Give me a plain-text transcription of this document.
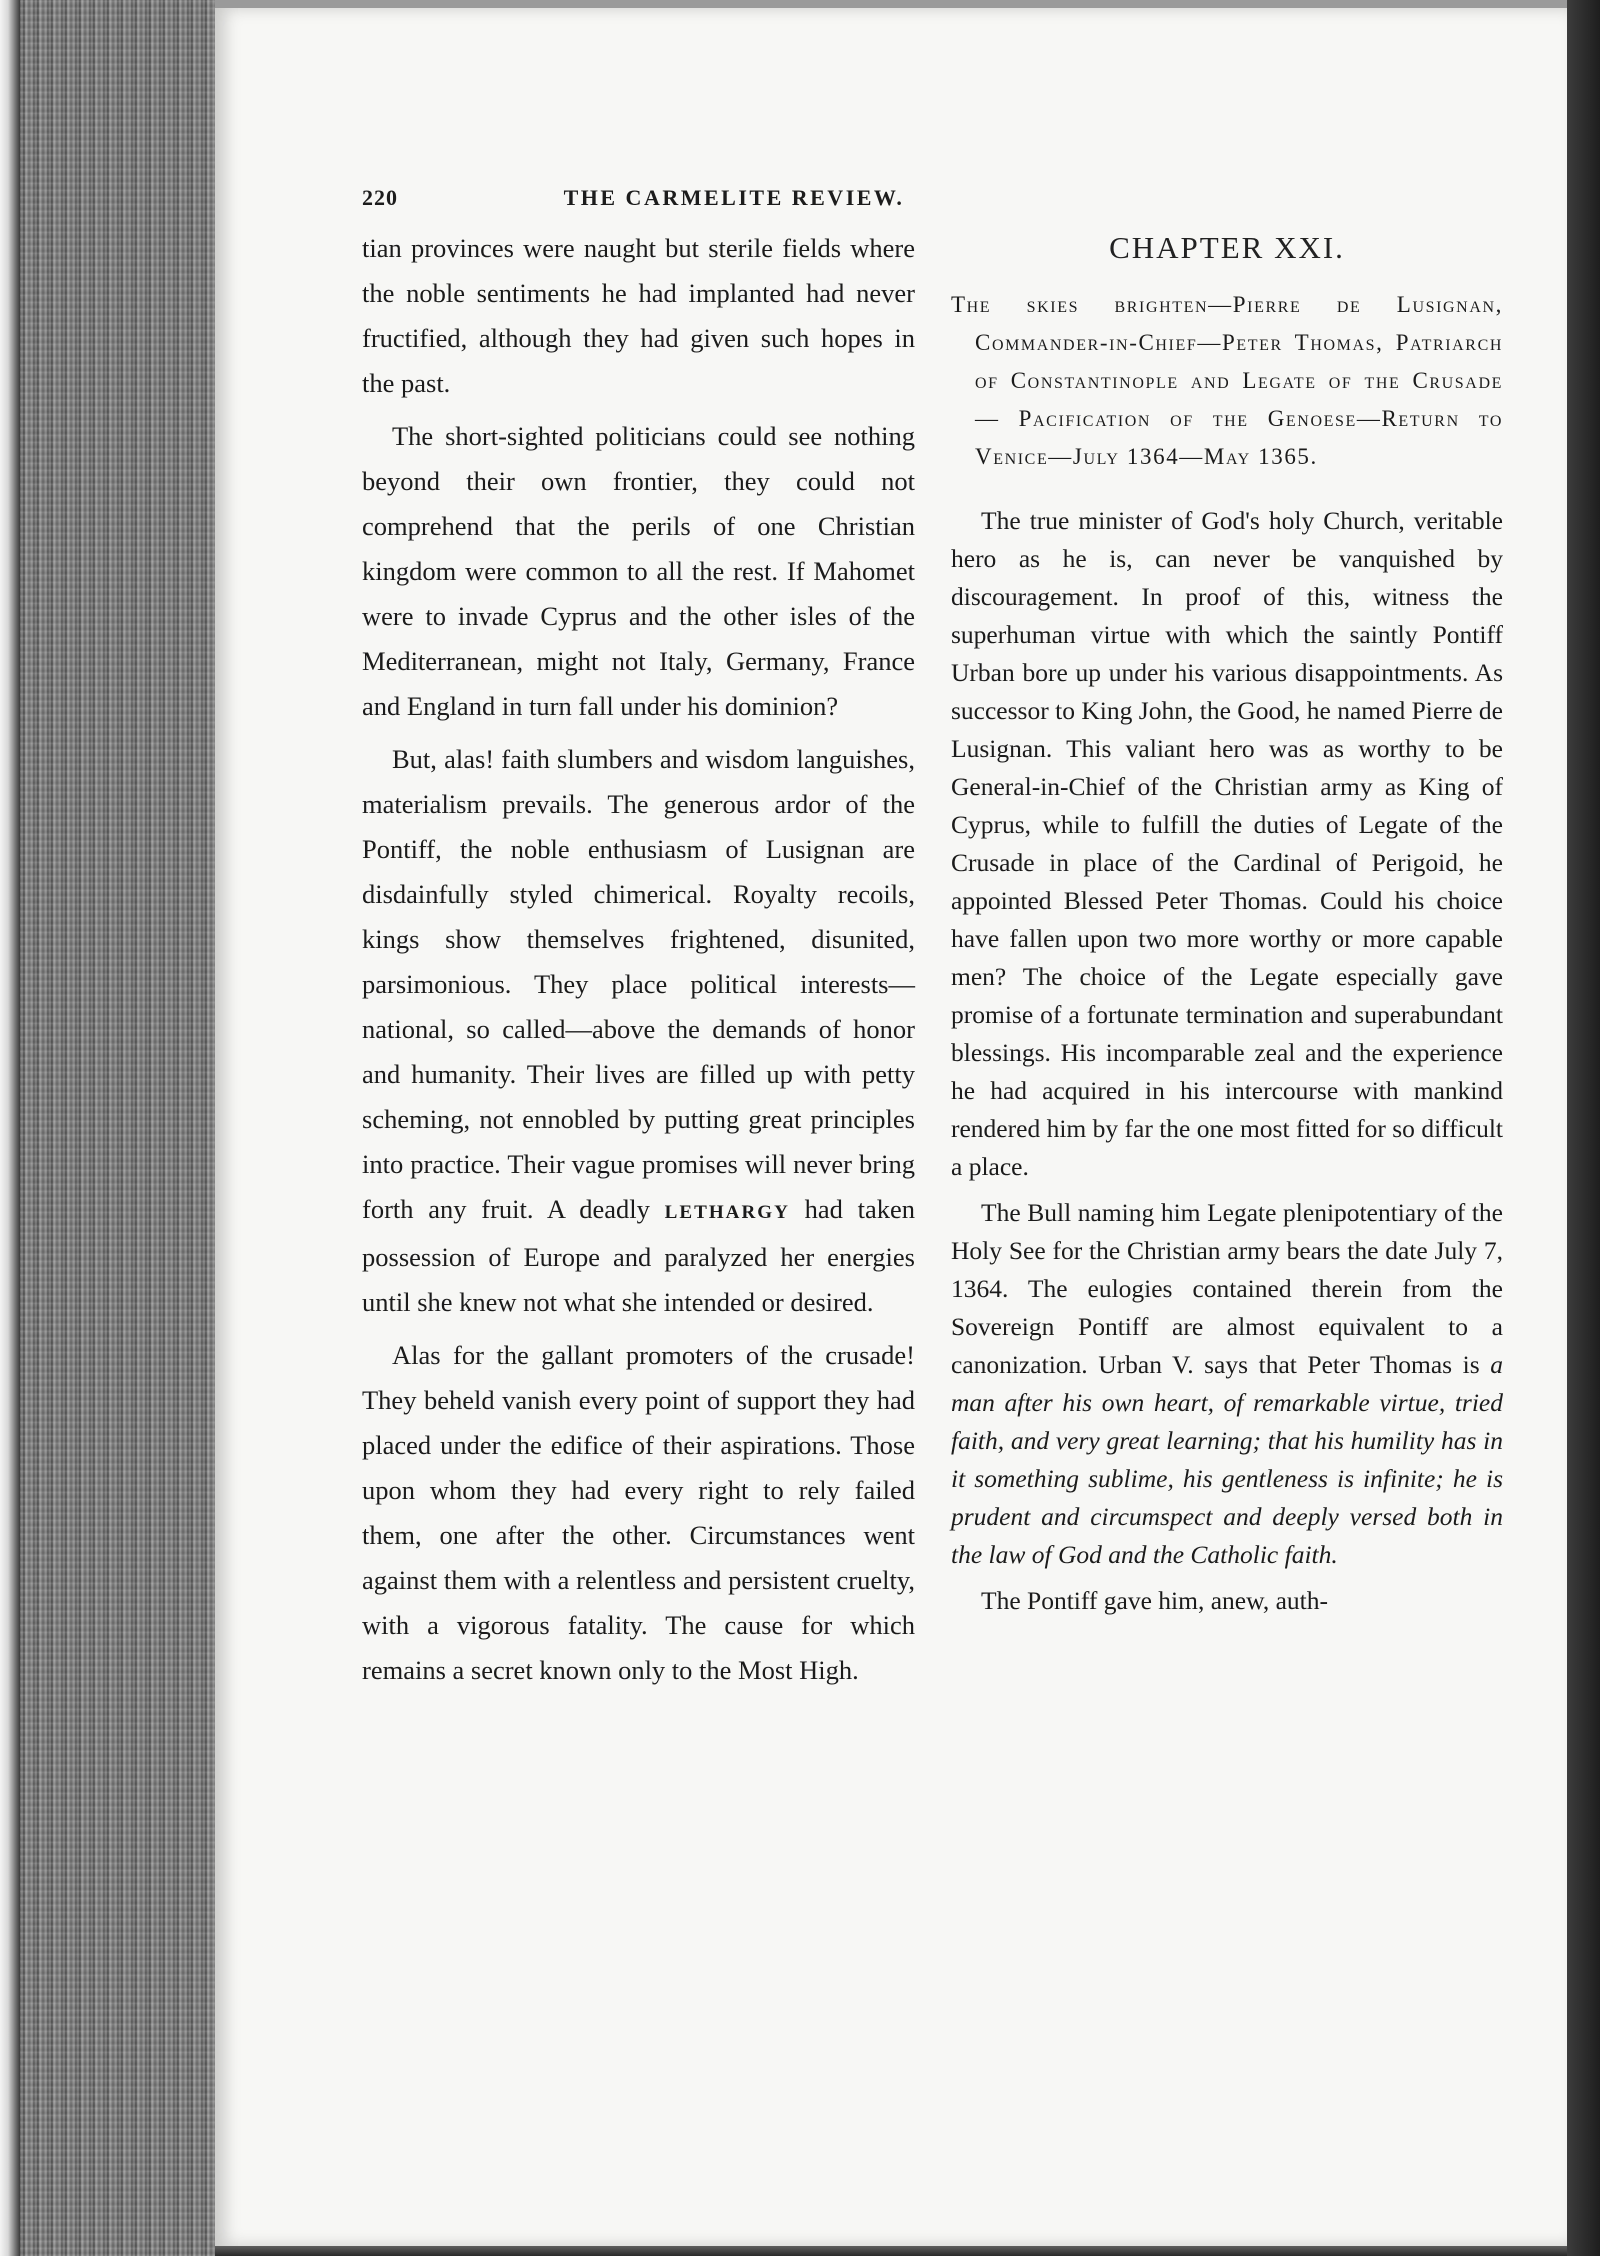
220	THE CARMELITE REVIEW.

tian provinces were naught but sterile fields where the noble sentiments he had implanted had never fructified, although they had given such hopes in the past.

The short-sighted politicians could see nothing beyond their own frontier, they could not comprehend that the perils of one Christian kingdom were common to all the rest. If Mahomet were to invade Cyprus and the other isles of the Mediterranean, might not Italy, Germany, France and England in turn fall under his dominion?

But, alas! faith slumbers and wisdom languishes, materialism prevails. The generous ardor of the Pontiff, the noble enthusiasm of Lusignan are disdainfully styled chimerical. Royalty recoils, kings show themselves frightened, disunited, parsimonious. They place political interests—national, so called—above the demands of honor and humanity. Their lives are filled up with petty scheming, not ennobled by putting great principles into practice. Their vague promises will never bring forth any fruit. A deadly LETHARGY had taken possession of Europe and paralyzed her energies until she knew not what she intended or desired.

Alas for the gallant promoters of the crusade! They beheld vanish every point of support they had placed under the edifice of their aspirations. Those upon whom they had every right to rely failed them, one after the other. Circumstances went against them with a relentless and persistent cruelty, with a vigorous fatality. The cause for which remains a secret known only to the Most High.

CHAPTER XXI.
The skies brighten—Pierre de Lusignan, Commander-in-Chief—Peter Thomas, Patriarch of Constantinople and Legate of the Crusade — Pacification of the Genoese—Return to Venice—July 1364—May 1365.

The true minister of God's holy Church, veritable hero as he is, can never be vanquished by discouragement. In proof of this, witness the superhuman virtue with which the saintly Pontiff Urban bore up under his various disappointments. As successor to King John, the Good, he named Pierre de Lusignan. This valiant hero was as worthy to be General-in-Chief of the Christian army as King of Cyprus, while to fulfill the duties of Legate of the Crusade in place of the Cardinal of Perigoid, he appointed Blessed Peter Thomas. Could his choice have fallen upon two more worthy or more capable men? The choice of the Legate especially gave promise of a fortunate termination and superabundant blessings. His incomparable zeal and the experience he had acquired in his intercourse with mankind rendered him by far the one most fitted for so difficult a place.

The Bull naming him Legate plenipotentiary of the Holy See for the Christian army bears the date July 7, 1364. The eulogies contained therein from the Sovereign Pontiff are almost equivalent to a canonization. Urban V. says that Peter Thomas is a man after his own heart, of remarkable virtue, tried faith, and very great learning; that his humility has in it something sublime, his gentleness is infinite; he is prudent and circumspect and deeply versed both in the law of God and the Catholic faith.

The Pontiff gave him, anew, auth-
